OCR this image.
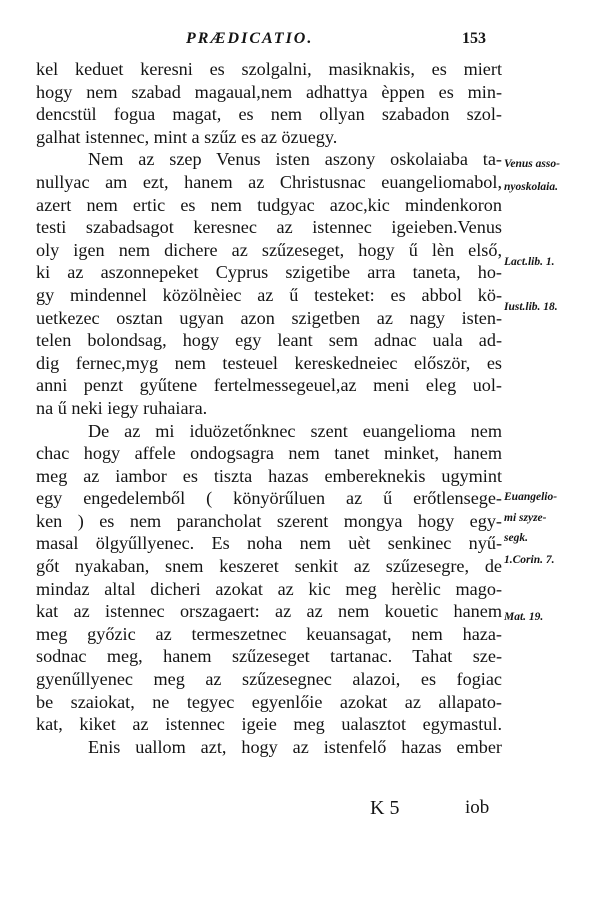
PRÆDICATIO.	153
kel keduet keresni es szolgalni, masiknakis, es miert
hogy nem szabad magaual,nem adhattya èppen es min-
dencstül fogua magat, es nem ollyan szabadon szol-
galhat istennec, mint a szűz es az özuegy.
Nem az szep Venus isten aszony oskolaiaba ta-
nullyac am ezt, hanem az Christusnac euangeliomabol,
azert nem ertic es nem tudgyac azoc,kic mindenkoron
testi szabadsagot keresnec az istennec igeieben.Venus
oly igen nem dichere az szűzeseget, hogy ű lèn első,
ki az aszonnepeket Cyprus szigetibe arra taneta, ho-
gy mindennel közölnèiec az ű testeket: es abbol kö-
uetkezec osztan ugyan azon szigetben az nagy isten-
telen bolondsag, hogy egy leant sem adnac uala ad-
dig fernec,myg nem testeuel kereskedneiec először, es
anni penzt gyűtene fertelmessegeuel,az meni eleg uol-
na ű neki iegy ruhaiara.
De az mi iduözetőnknec szent euangelioma nem
chac hogy affele ondogsagra nem tanet minket, hanem
meg az iambor es tiszta hazas embereknekis ugymint
egy engedelemből ( könyörűluen az ű erőtlensege-
ken ) es nem parancholat szerent mongya hogy egy-
masal ölgyűllyenec. Es noha nem uèt senkinec nyű-
gőt nyakaban, snem keszeret senkit az szűzesegre, de
mindaz altal dicheri azokat az kic meg herèlic mago-
kat az istennec orszagaert: az az nem kouetic hanem
meg győzic az termeszetnec keuansagat, nem haza-
sodnac meg, hanem szűzeseget tartanac. Tahat sze-
gyenűllyenec meg az szűzesegnec alazoi, es fogiac
be szaiokat, ne tegyec egyenlőie azokat az allapato-
kat, kiket az istennec igeie meg ualasztot egymastul.
Enis uallom azt, hogy az istenfelő hazas ember
Venus asso-
nyoskolaia.
Lact.lib. 1.
Iust.lib. 18.
Euangelio-
mi szyze-
segk.
1.Corin. 7.
Mat. 19.
K 5	iob
